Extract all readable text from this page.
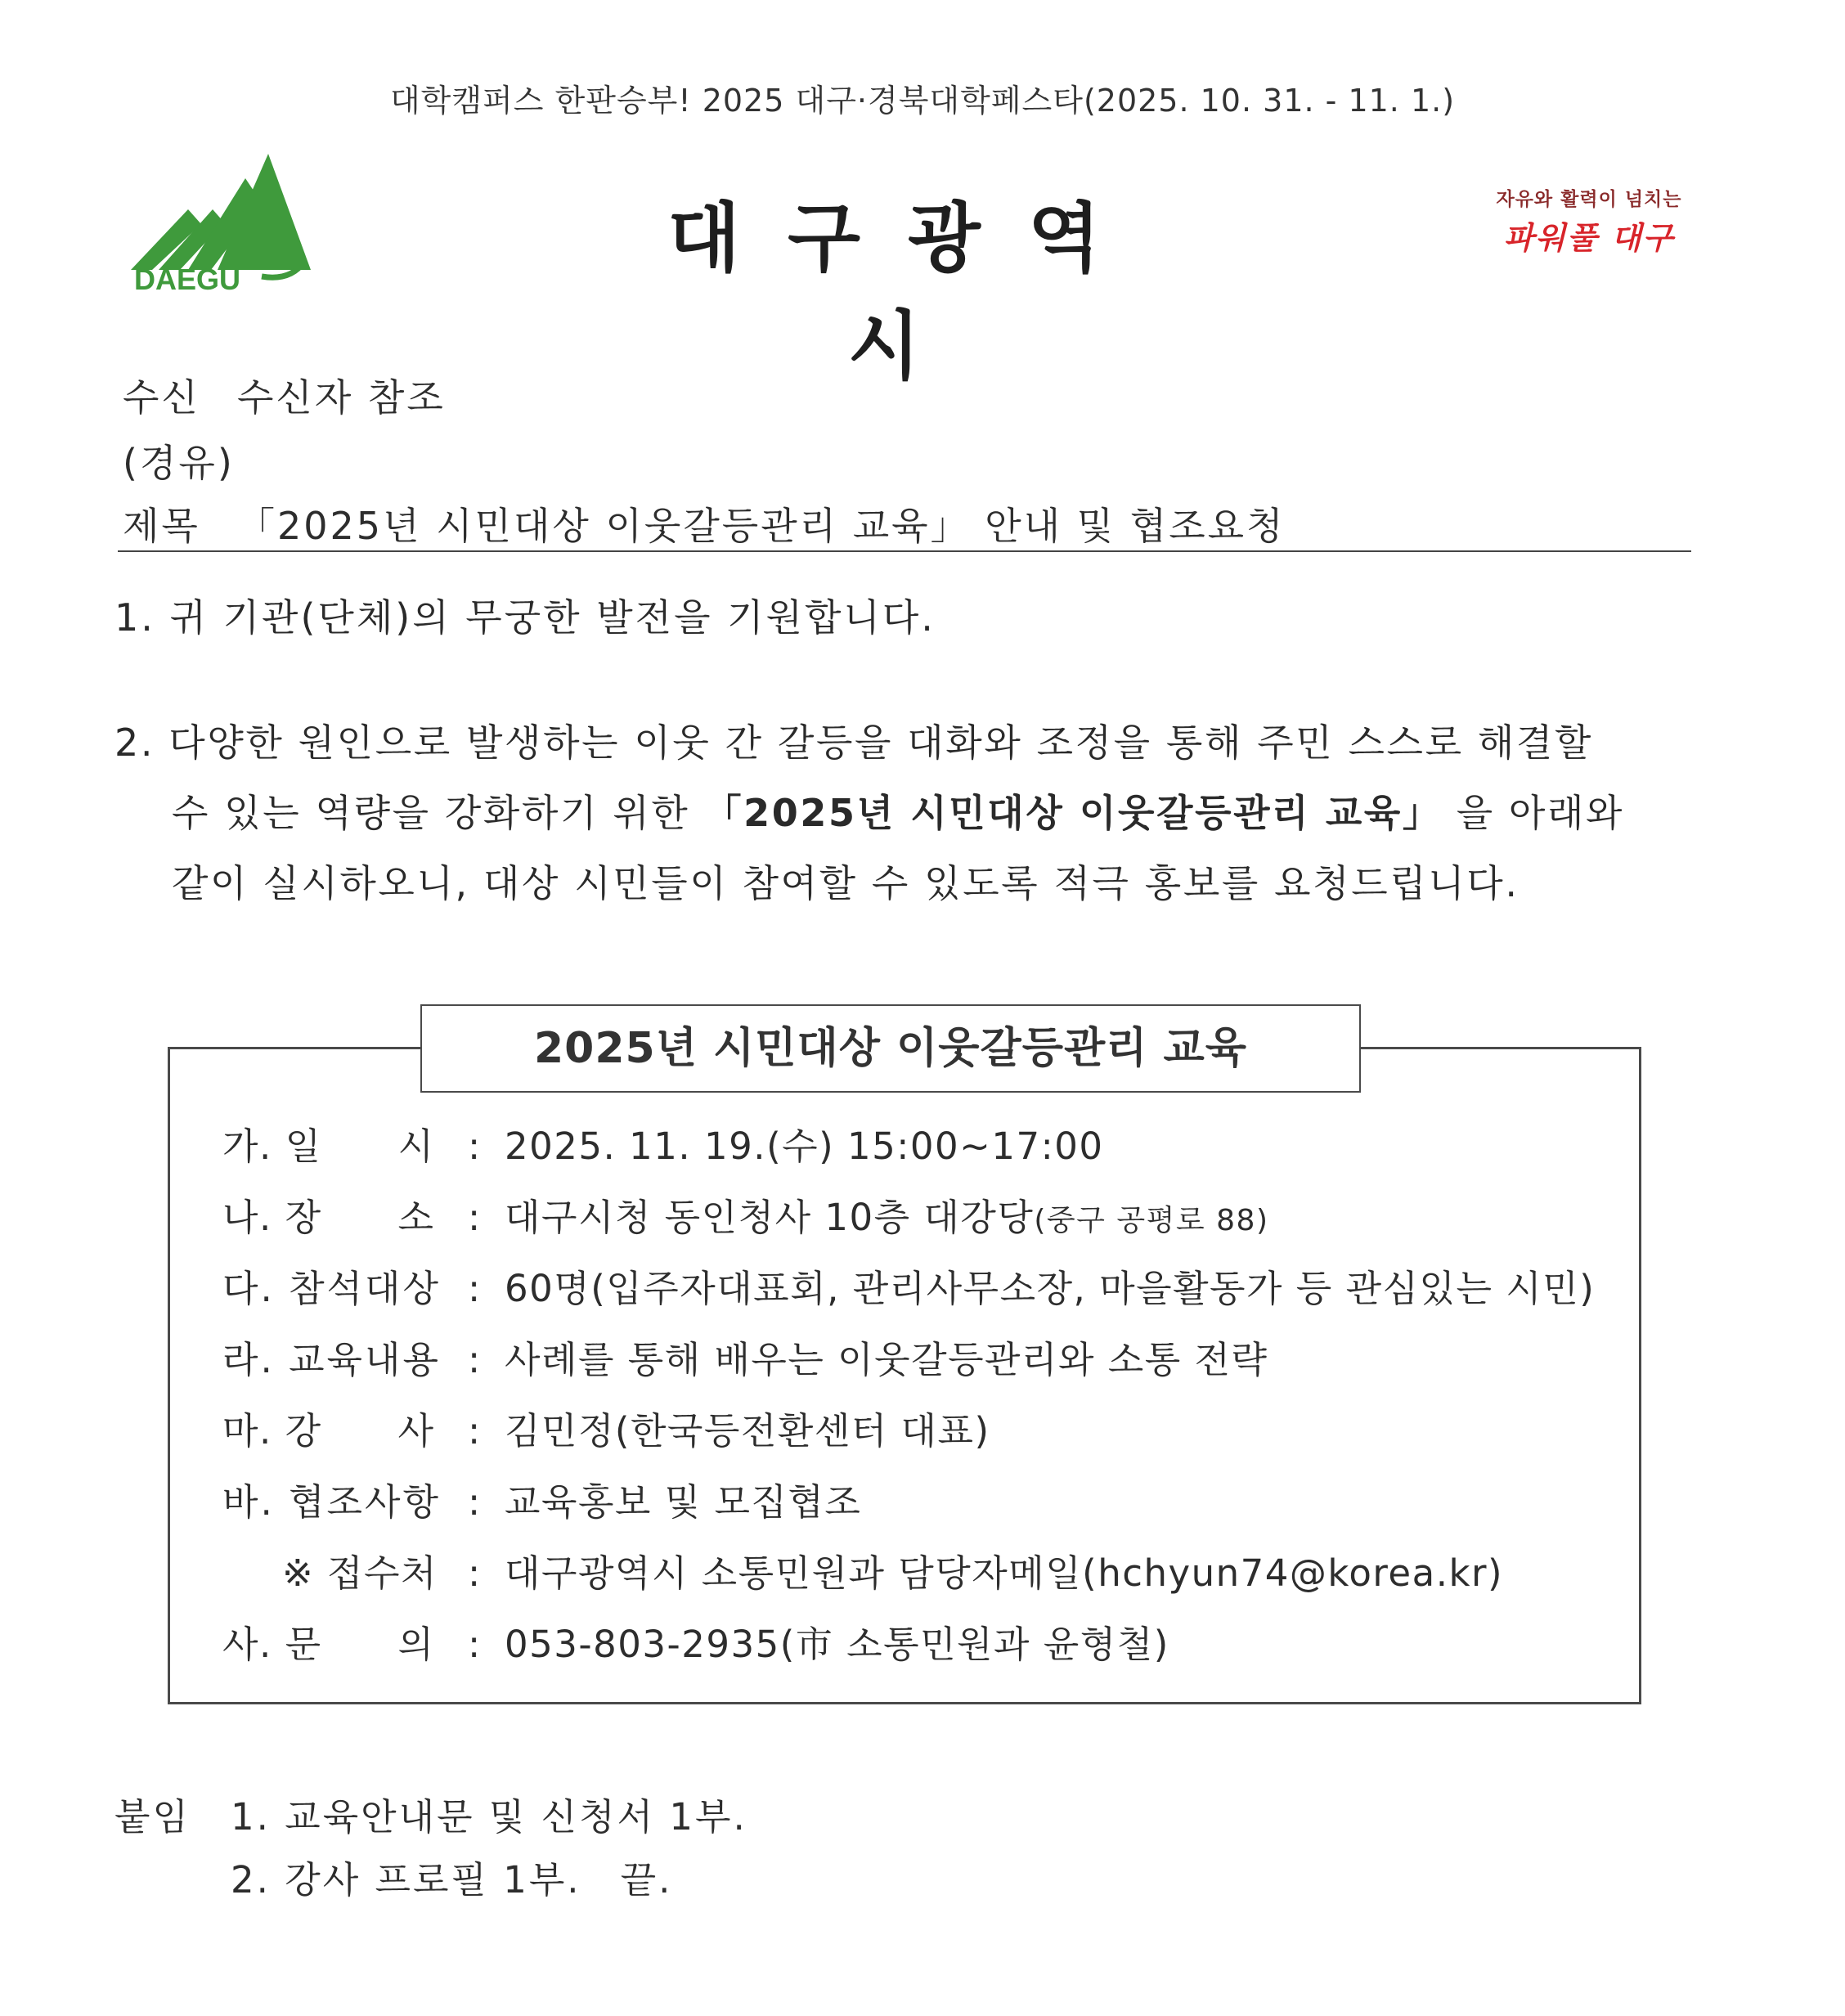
대학캠퍼스 한판승부! 2025 대구·경북대학페스타(2025. 10. 31. - 11. 1.)
DAEGU	대구광역시
자유와 활력이 넘치는
파워풀 대구
수신 수신자 참조
(경유)
제목 「2025년 시민대상 이웃갈등관리 교육」 안내 및 협조요청
1. 귀 기관(단체)의 무궁한 발전을 기원합니다.
2. 다양한 원인으로 발생하는 이웃 간 갈등을 대화와 조정을 통해 주민 스스로 해결할
수 있는 역량을 강화하기 위한 「2025년 시민대상 이웃갈등관리 교육」 을 아래와
같이 실시하오니, 대상 시민들이 참여할 수 있도록 적극 홍보를 요청드립니다.
2025년 시민대상 이웃갈등관리 교육
가. 일　　시 : 2025. 11. 19.(수) 15:00~17:00
나. 장　　소 : 대구시청 동인청사 10층 대강당(중구 공평로 88)
다. 참석대상 : 60명(입주자대표회, 관리사무소장, 마을활동가 등 관심있는 시민)
라. 교육내용 : 사례를 통해 배우는 이웃갈등관리와 소통 전략
마. 강　　사 : 김민정(한국등전환센터 대표)
바. 협조사항 : 교육홍보 및 모집협조
※ 접수처 : 대구광역시 소통민원과 담당자메일(hchyun74@korea.kr)
사. 문　　의 : 053-803-2935(市 소통민원과 윤형철)
붙임 1. 교육안내문 및 신청서 1부.
2. 강사 프로필 1부.　끝.
